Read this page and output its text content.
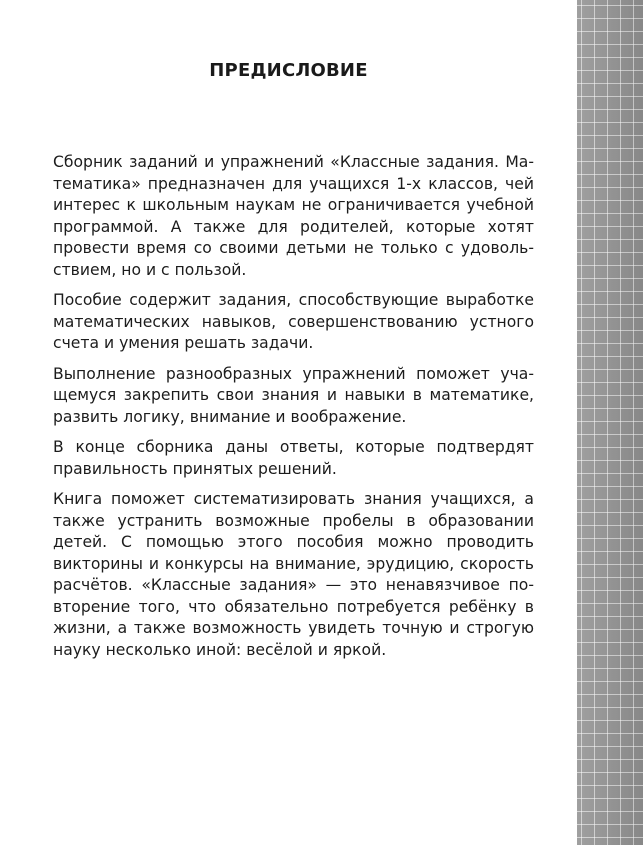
ПРЕДИСЛОВИЕ

Сборник заданий и упражнений «Классные задания. Математика» предназначен для учащихся 1-х классов, чей интерес к школьным наукам не ограничивается учебной программой. А также для родителей, которые хотят провести время со своими детьми не только с удовольствием, но и с пользой.

Пособие содержит задания, способствующие выработке математических навыков, совершенствованию устного счета и умения решать задачи.

Выполнение разнообразных упражнений поможет учащемуся закрепить свои знания и навыки в математике, развить логику, внимание и воображение.

В конце сборника даны ответы, которые подтвердят правильность принятых решений.

Книга поможет систематизировать знания учащихся, а также устранить возможные пробелы в образовании детей. С помощью этого пособия можно проводить викторины и конкурсы на внимание, эрудицию, скорость расчётов. «Классные задания» — это ненавязчивое повторение того, что обязательно потребуется ребёнку в жизни, а также возможность увидеть точную и строгую науку несколько иной: весёлой и яркой.
